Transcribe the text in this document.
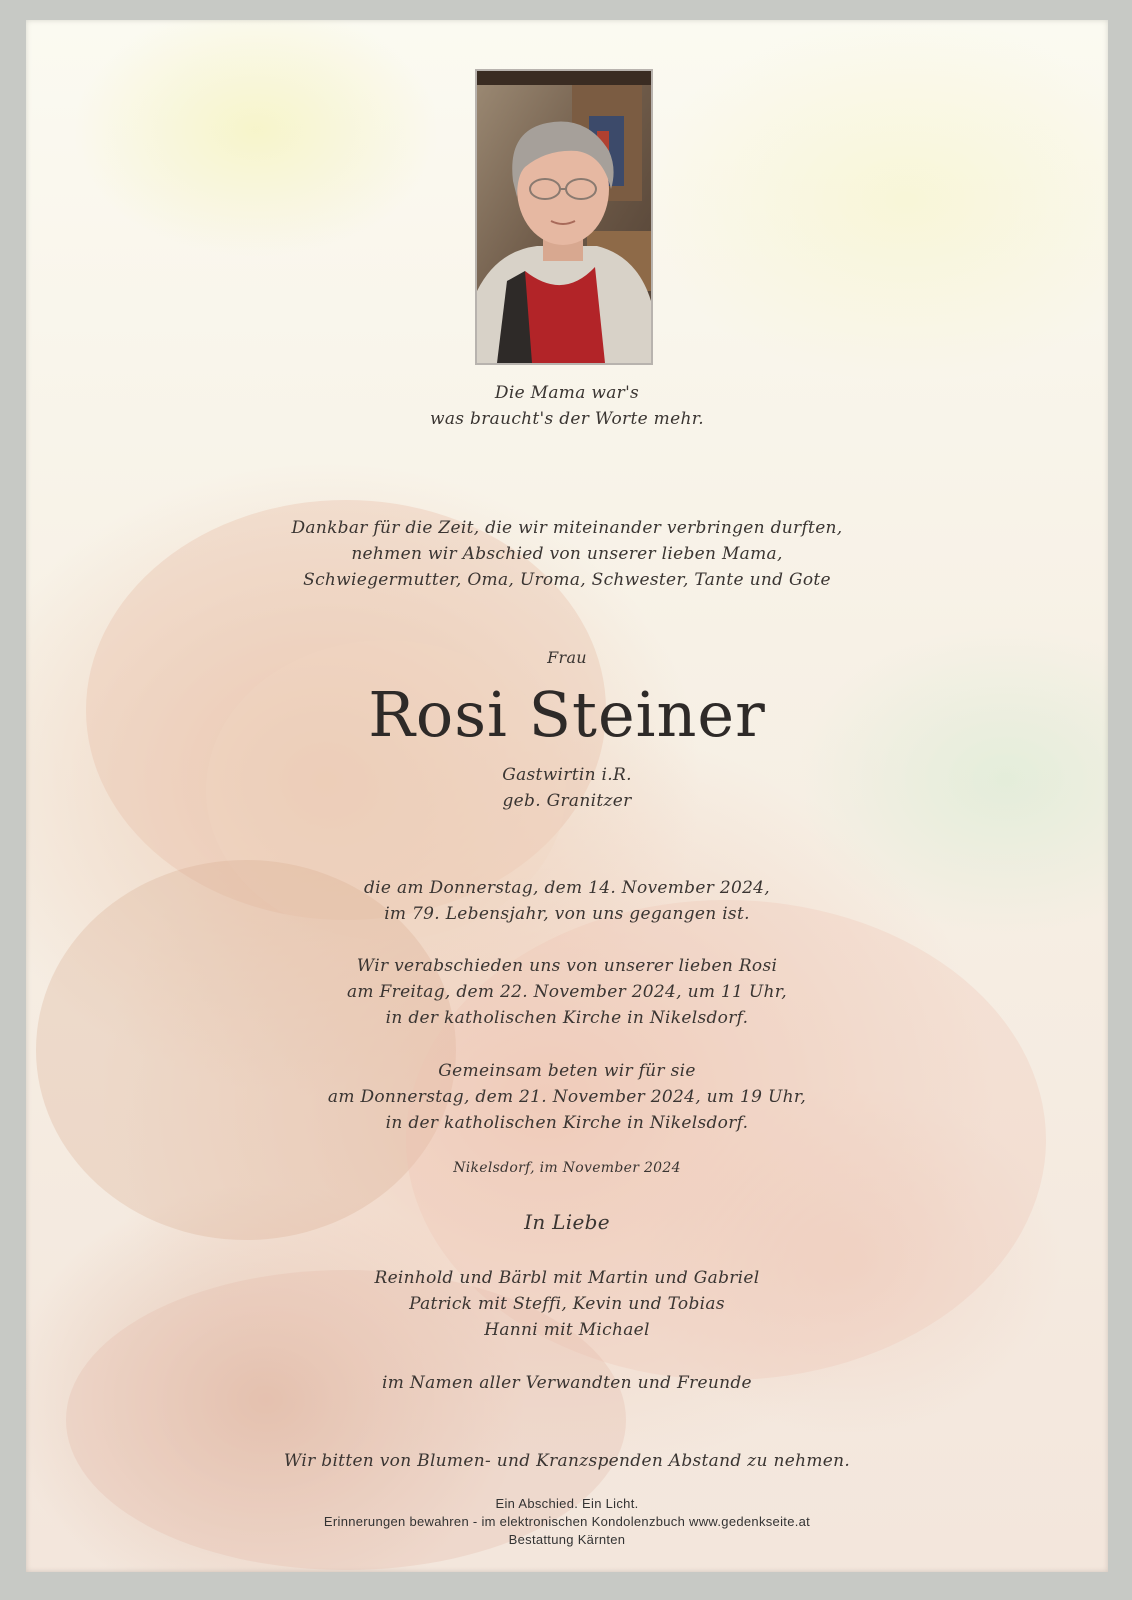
Die Mama war's
was braucht's der Worte mehr.
Dankbar für die Zeit, die wir miteinander verbringen durften,
nehmen wir Abschied von unserer lieben Mama,
Schwiegermutter, Oma, Uroma, Schwester, Tante und Gote
Frau
Rosi Steiner
Gastwirtin i.R.
geb. Granitzer
die am Donnerstag, dem 14. November 2024,
im 79. Lebensjahr, von uns gegangen ist.
Wir verabschieden uns von unserer lieben Rosi
am Freitag, dem 22. November 2024, um 11 Uhr,
in der katholischen Kirche in Nikelsdorf.
Gemeinsam beten wir für sie
am Donnerstag, dem 21. November 2024, um 19 Uhr,
in der katholischen Kirche in Nikelsdorf.
Nikelsdorf, im November 2024
In Liebe
Reinhold und Bärbl mit Martin und Gabriel
Patrick mit Steffi, Kevin und Tobias
Hanni mit Michael
im Namen aller Verwandten und Freunde
Wir bitten von Blumen- und Kranzspenden Abstand zu nehmen.
Ein Abschied. Ein Licht.
Erinnerungen bewahren - im elektronischen Kondolenzbuch www.gedenkseite.at
Bestattung Kärnten
